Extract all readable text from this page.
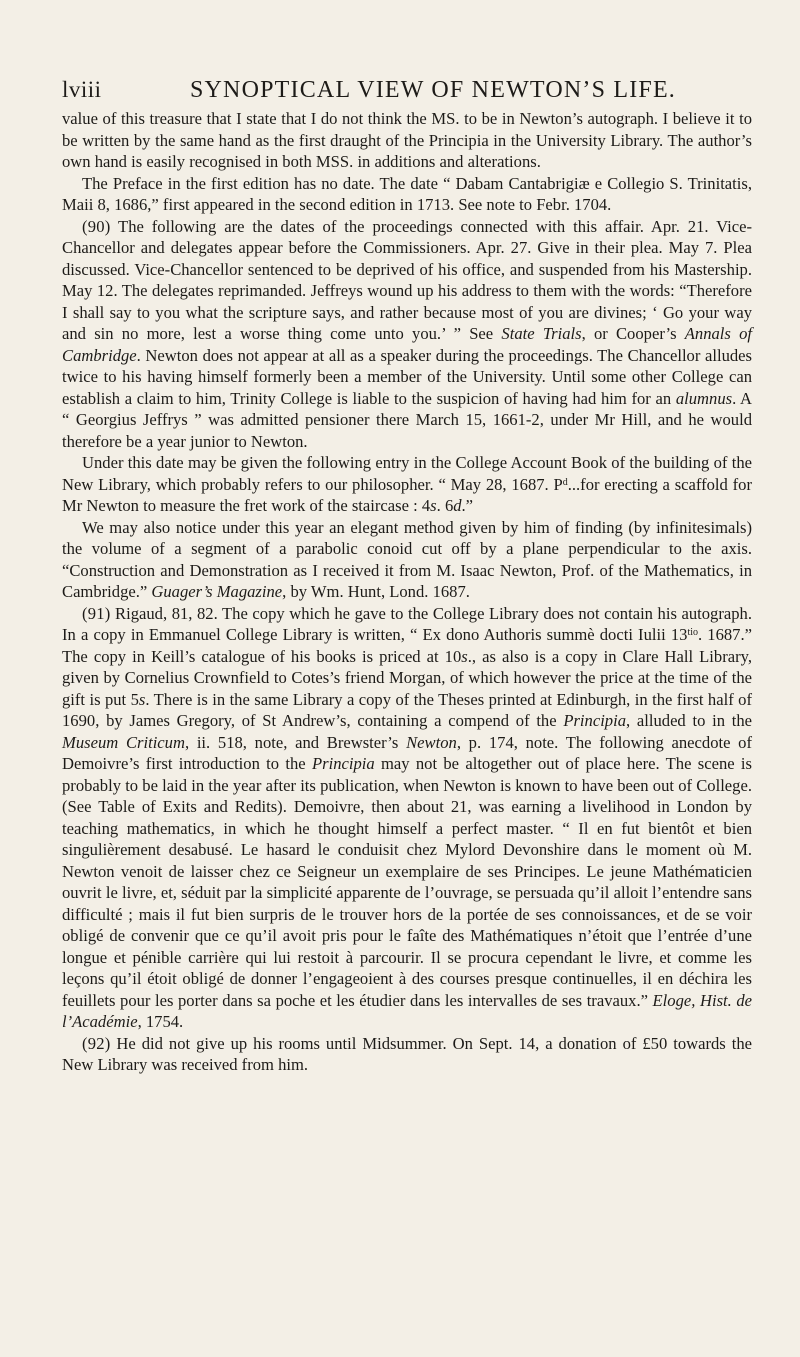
lviii	SYNOPTICAL VIEW OF NEWTON’S LIFE.

value of this treasure that I state that I do not think the MS. to be in Newton’s autograph. I believe it to be written by the same hand as the first draught of the Principia in the University Library. The author’s own hand is easily recognised in both MSS. in additions and alterations.

The Preface in the first edition has no date. The date “ Dabam Cantabrigiæ e Collegio S. Trinitatis, Maii 8, 1686,” first appeared in the second edition in 1713. See note to Febr. 1704.

(90) The following are the dates of the proceedings connected with this affair. Apr. 21. Vice-Chancellor and delegates appear before the Commissioners. Apr. 27. Give in their plea. May 7. Plea discussed. Vice-Chancellor sentenced to be deprived of his office, and suspended from his Mastership. May 12. The delegates reprimanded. Jeffreys wound up his address to them with the words: “Therefore I shall say to you what the scripture says, and rather because most of you are divines; ‘ Go your way and sin no more, lest a worse thing come unto you.’ ” See State Trials, or Cooper’s Annals of Cambridge. Newton does not appear at all as a speaker during the proceedings. The Chancellor alludes twice to his having himself formerly been a member of the University. Until some other College can establish a claim to him, Trinity College is liable to the suspicion of having had him for an alumnus. A “ Georgius Jeffrys ” was admitted pensioner there March 15, 1661-2, under Mr Hill, and he would therefore be a year junior to Newton.

Under this date may be given the following entry in the College Account Book of the building of the New Library, which probably refers to our philosopher. “ May 28, 1687. $P^d...for$ erecting a scaffold for Mr Newton to measure the fret work of the staircase : 4s. 6d.”

We may also notice under this year an elegant method given by him of finding (by infinitesimals) the volume of a segment of a parabolic conoid cut off by a plane perpendicular to the axis. “Construction and Demonstration as I received it from M. Isaac Newton, Prof. of the Mathematics, in Cambridge.” Guager’s Magazine, by Wm. Hunt, Lond. 1687.

(91) Rigaud, 81, 82. The copy which he gave to the College Library does not contain his autograph. In a copy in Emmanuel College Library is written, “ Ex dono Authoris summè docti Iulii $13^{tio}$. 1687.” The copy in Keill’s catalogue of his books is priced at 10s., as also is a copy in Clare Hall Library, given by Cornelius Crownfield to Cotes’s friend Morgan, of which however the price at the time of the gift is put 5s. There is in the same Library a copy of the Theses printed at Edinburgh, in the first half of 1690, by James Gregory, of St Andrew’s, containing a compend of the Principia, alluded to in the Museum Criticum, ii. 518, note, and Brewster’s Newton, p. 174, note. The following anecdote of Demoivre’s first introduction to the Principia may not be altogether out of place here. The scene is probably to be laid in the year after its publication, when Newton is known to have been out of College. (See Table of Exits and Redits). Demoivre, then about 21, was earning a livelihood in London by teaching mathematics, in which he thought himself a perfect master. “ Il en fut bientôt et bien singulièrement desabusé. Le hasard le conduisit chez Mylord Devonshire dans le moment où M. Newton venoit de laisser chez ce Seigneur un exemplaire de ses Principes. Le jeune Mathématicien ouvrit le livre, et, séduit par la simplicité apparente de l’ouvrage, se persuada qu’il alloit l’entendre sans difficulté ; mais il fut bien surpris de le trouver hors de la portée de ses connoissances, et de se voir obligé de convenir que ce qu’il avoit pris pour le faîte des Mathématiques n’étoit que l’entrée d’une longue et pénible carrière qui lui restoit à parcourir. Il se procura cependant le livre, et comme les leçons qu’il étoit obligé de donner l’engageoient à des courses presque continuelles, il en déchira les feuillets pour les porter dans sa poche et les étudier dans les intervalles de ses travaux.” Eloge, Hist. de l’Académie, 1754.

(92) He did not give up his rooms until Midsummer. On Sept. 14, a donation of £50 towards the New Library was received from him.
